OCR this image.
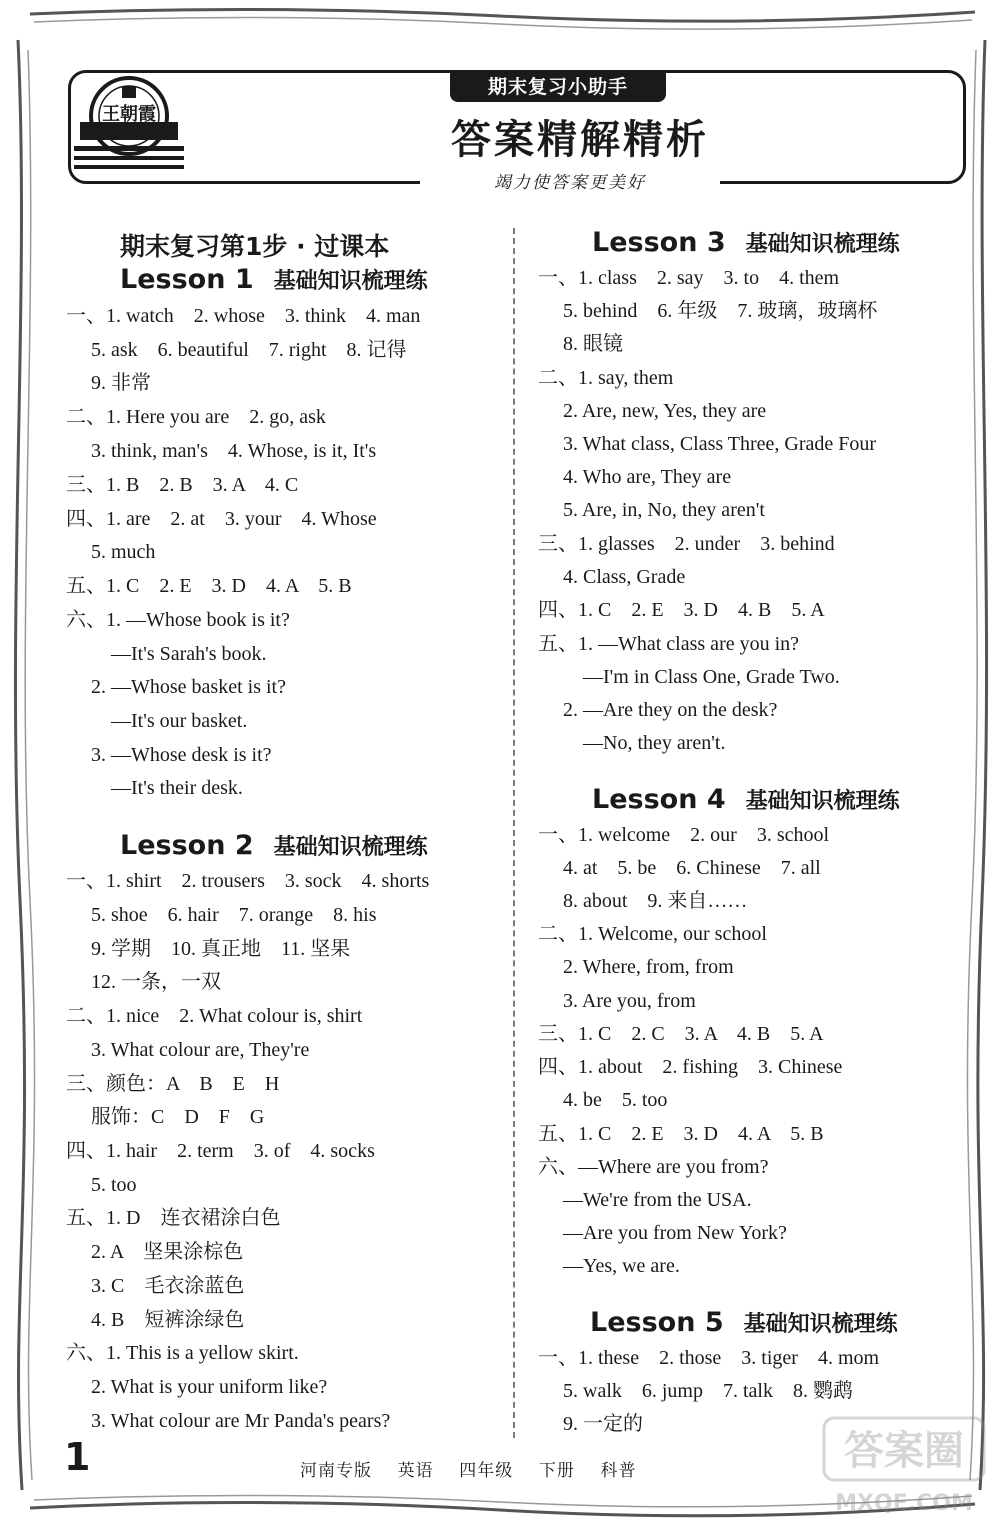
王朝霞
期末复习小助手
答案精解精析
竭力使答案更美好
期末复习第1步 · 过课本
Lesson 1 基础知识梳理练
一、1. watch    2. whose    3. think    4. man
5. ask    6. beautiful    7. right    8. 记得
9. 非常
二、1. Here you are    2. go, ask
3. think, man's    4. Whose, is it, It's
三、1. B    2. B    3. A    4. C
四、1. are    2. at    3. your    4. Whose
5. much
五、1. C    2. E    3. D    4. A    5. B
六、1. —Whose book is it?
—It's Sarah's book.
2. —Whose basket is it?
—It's our basket.
3. —Whose desk is it?
—It's their desk.
Lesson 2 基础知识梳理练
一、1. shirt    2. trousers    3. sock    4. shorts
5. shoe    6. hair    7. orange    8. his
9. 学期    10. 真正地    11. 坚果
12. 一条，一双
二、1. nice    2. What colour is, shirt
3. What colour are, They're
三、颜色：A    B    E    H
服饰：C    D    F    G
四、1. hair    2. term    3. of    4. socks
5. too
五、1. D    连衣裙涂白色
2. A    坚果涂棕色
3. C    毛衣涂蓝色
4. B    短裤涂绿色
六、1. This is a yellow skirt.
2. What is your uniform like?
3. What colour are Mr Panda's pears?
Lesson 3 基础知识梳理练
一、1. class    2. say    3. to    4. them
5. behind    6. 年级    7. 玻璃，玻璃杯
8. 眼镜
二、1. say, them
2. Are, new, Yes, they are
3. What class, Class Three, Grade Four
4. Who are, They are
5. Are, in, No, they aren't
三、1. glasses    2. under    3. behind
4. Class, Grade
四、1. C    2. E    3. D    4. B    5. A
五、1. —What class are you in?
—I'm in Class One, Grade Two.
2. —Are they on the desk?
—No, they aren't.
Lesson 4 基础知识梳理练
一、1. welcome    2. our    3. school
4. at    5. be    6. Chinese    7. all
8. about    9. 来自……
二、1. Welcome, our school
2. Where, from, from
3. Are you, from
三、1. C    2. C    3. A    4. B    5. A
四、1. about    2. fishing    3. Chinese
4. be    5. too
五、1. C    2. E    3. D    4. A    5. B
六、—Where are you from?
—We're from the USA.
—Are you from New York?
—Yes, we are.
Lesson 5 基础知识梳理练
一、1. these    2. those    3. tiger    4. mom
5. walk    6. jump    7. talk    8. 鹦鹉
9. 一定的
1	河南专版    英语    四年级    下册    科普	答案圈
MXQE.COM
